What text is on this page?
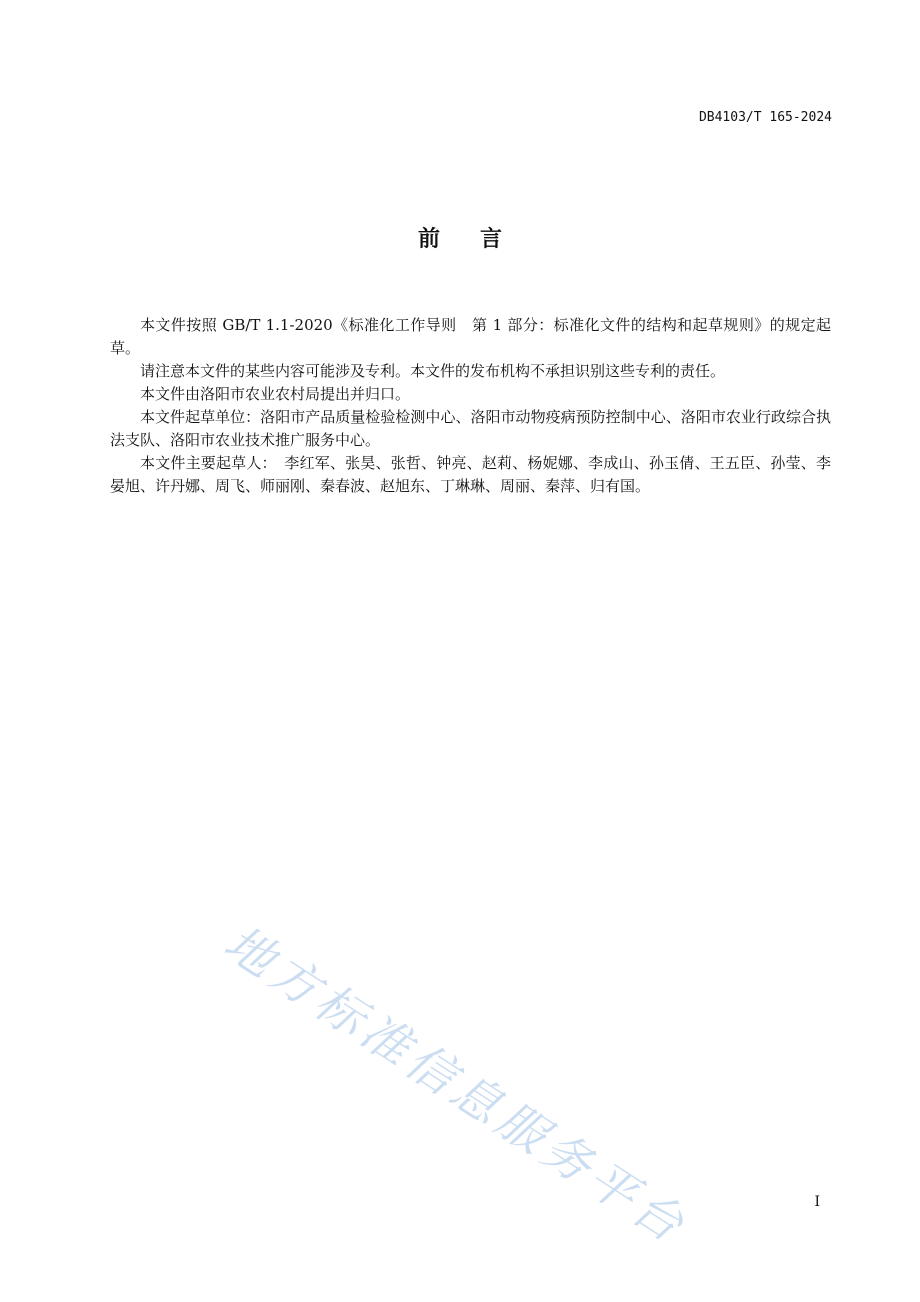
DB4103/T 165-2024
前言

本文件按照 GB/T 1.1-2020《标准化工作导则　第 1 部分：标准化文件的结构和起草规则》的规定起草。

请注意本文件的某些内容可能涉及专利。本文件的发布机构不承担识别这些专利的责任。

本文件由洛阳市农业农村局提出并归口。

本文件起草单位：洛阳市产品质量检验检测中心、洛阳市动物疫病预防控制中心、洛阳市农业行政综合执法支队、洛阳市农业技术推广服务中心。

本文件主要起草人：　李红军、张昊、张哲、钟亮、赵莉、杨妮娜、李成山、孙玉倩、王五臣、孙莹、李晏旭、许丹娜、周飞、师丽刚、秦春波、赵旭东、丁琳琳、周丽、秦萍、归有国。

地方标准信息服务平台	I
